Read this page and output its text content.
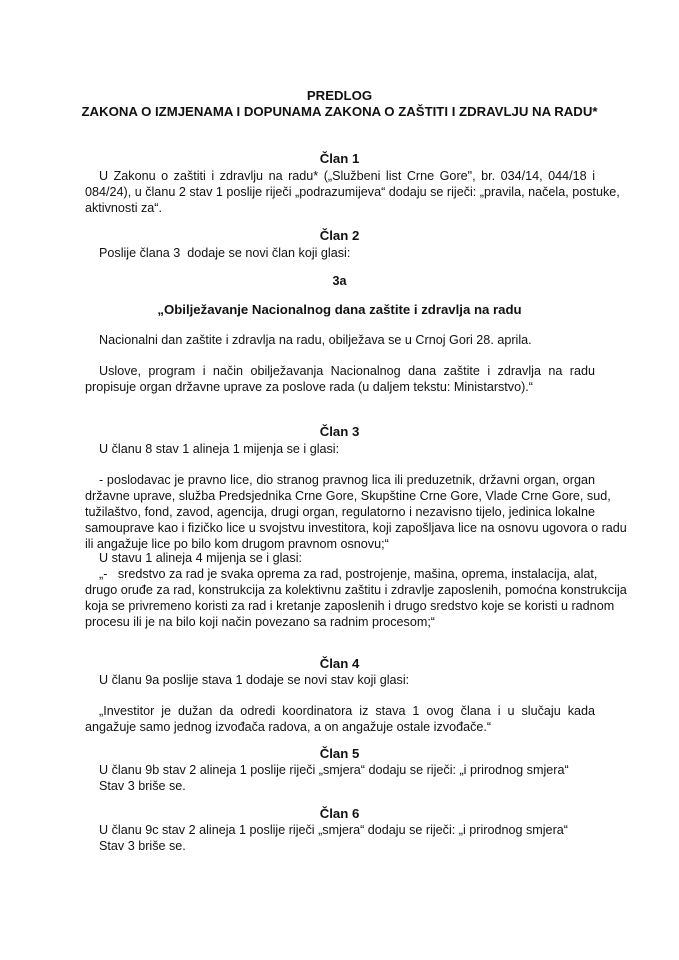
PREDLOG
ZAKONA O IZMJENAMA I DOPUNAMA ZAKONA O ZAŠTITI I ZDRAVLJU NA RADU*
Član 1
U Zakonu o zaštiti i zdravlju na radu* („Službeni list Crne Gore", br. 034/14, 044/18 i
084/24), u članu 2 stav 1 poslije riječi „podrazumijeva“ dodaju se riječi: „pravila, načela, postuke,
aktivnosti za“.
Član 2
Poslije člana 3  dodaje se novi član koji glasi:
3a
„Obilježavanje Nacionalnog dana zaštite i zdravlja na radu
Nacionalni dan zaštite i zdravlja na radu, obilježava se u Crnoj Gori 28. aprila.
Uslove, program i način obilježavanja Nacionalnog dana zaštite i zdravlja na radu
propisuje organ državne uprave za poslove rada (u daljem tekstu: Ministarstvo).“
Član 3
U članu 8 stav 1 alineja 1 mijenja se i glasi:
- poslodavac je pravno lice, dio stranog pravnog lica ili preduzetnik, državni organ, organ
državne uprave, služba Predsjednika Crne Gore, Skupštine Crne Gore, Vlade Crne Gore, sud,
tužilaštvo, fond, zavod, agencija, drugi organ, regulatorno i nezavisno tijelo, jedinica lokalne
samouprave kao i fizičko lice u svojstvu investitora, koji zapošljava lice na osnovu ugovora o radu
ili angažuje lice po bilo kom drugom pravnom osnovu;“
U stavu 1 alineja 4 mijenja se i glasi:
„-   sredstvo za rad je svaka oprema za rad, postrojenje, mašina, oprema, instalacija, alat,
drugo oruđe za rad, konstrukcija za kolektivnu zaštitu i zdravlje zaposlenih, pomoćna konstrukcija
koja se privremeno koristi za rad i kretanje zaposlenih i drugo sredstvo koje se koristi u radnom
procesu ili je na bilo koji način povezano sa radnim procesom;“
Član 4
U članu 9a poslije stava 1 dodaje se novi stav koji glasi:
„Investitor je dužan da odredi koordinatora iz stava 1 ovog člana i u slučaju kada
angažuje samo jednog izvođača radova, a on angažuje ostale izvođače.“
Član 5
U članu 9b stav 2 alineja 1 poslije riječi „smjera“ dodaju se riječi: „i prirodnog smjera“
Stav 3 briše se.
Član 6
U članu 9c stav 2 alineja 1 poslije riječi „smjera“ dodaju se riječi: „i prirodnog smjera“
Stav 3 briše se.
